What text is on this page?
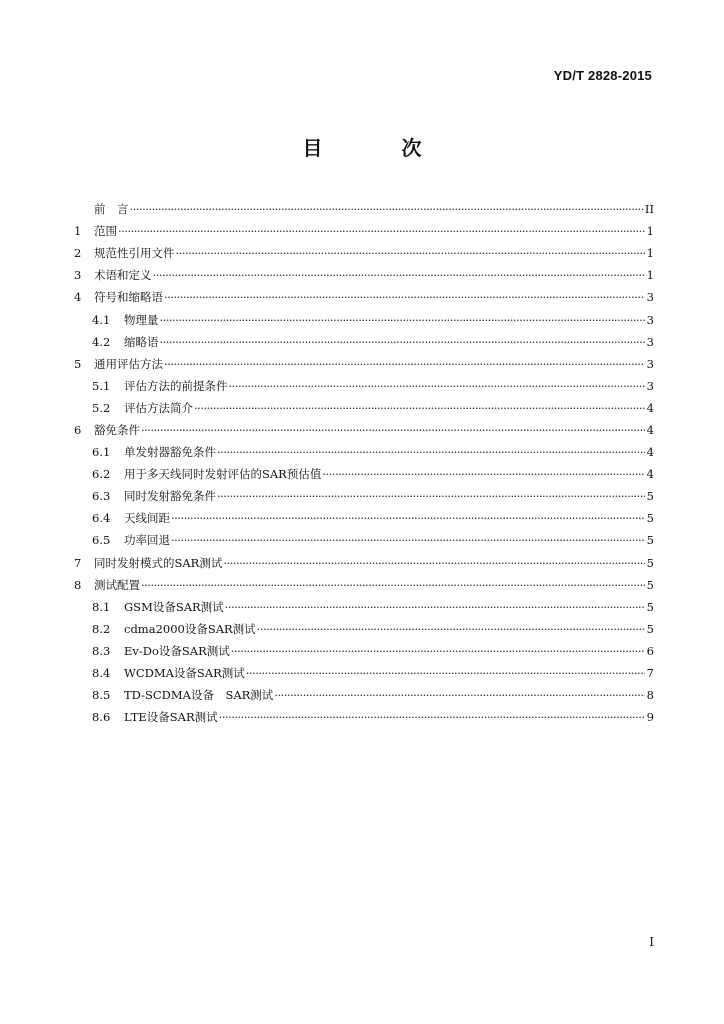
YD/T 2828-2015
目 次
前　言 ·····	II
1	范围 ·····	1
2	规范性引用文件 ·····	1
3	术语和定义 ·····	1
4	符号和缩略语 ·····	3
4.1	物理量 ·····	3
4.2	缩略语 ·····	3
5	通用评估方法 ·····	3
5.1	评估方法的前提条件 ·····	3
5.2	评估方法简介 ·····	4
6	豁免条件 ·····	4
6.1	单发射器豁免条件 ·····	4
6.2	用于多天线同时发射评估的SAR预估值 ·····	4
6.3	同时发射豁免条件 ·····	5
6.4	天线间距 ·····	5
6.5	功率回退 ·····	5
7	同时发射模式的SAR测试 ·····	5
8	测试配置 ·····	5
8.1	GSM设备SAR测试 ·····	5
8.2	cdma2000设备SAR测试 ·····	5
8.3	Ev-Do设备SAR测试 ·····	6
8.4	WCDMA设备SAR测试 ·····	7
8.5	TD-SCDMA设备　SAR测试 ·····	8
8.6	LTE设备SAR测试 ·····	9
I
